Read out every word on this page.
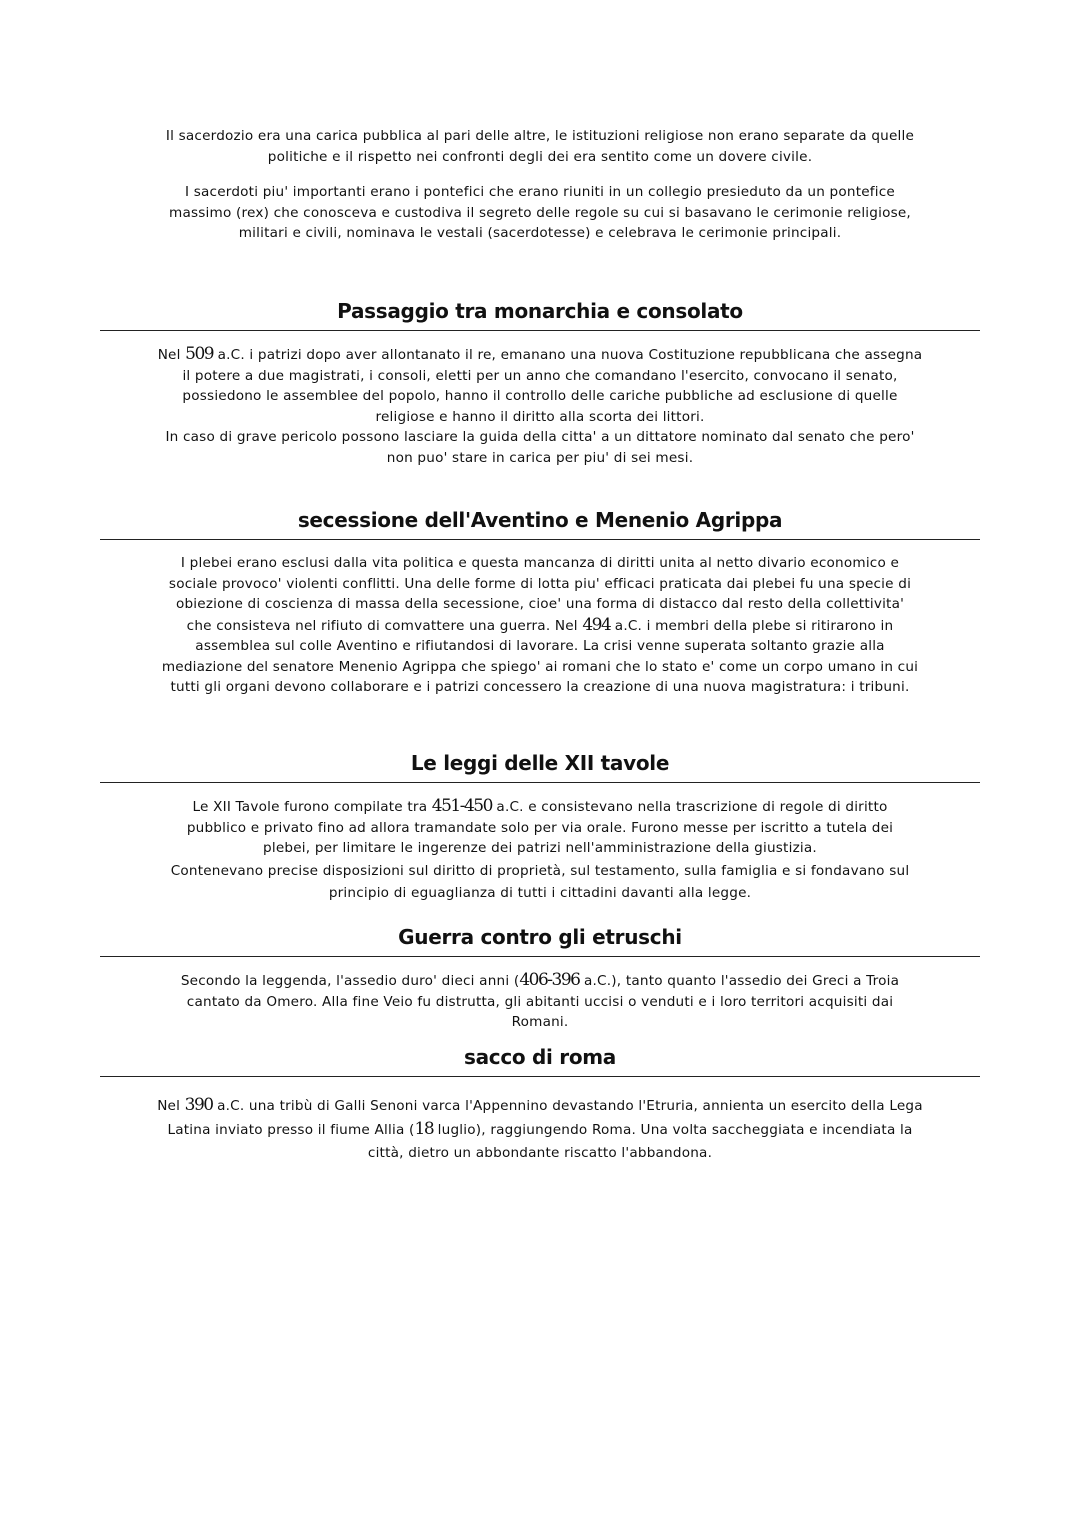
Il sacerdozio era una carica pubblica al pari delle altre, le istituzioni religiose non erano separate da quelle

politiche e il rispetto nei confronti degli dei era sentito come un dovere civile.

I sacerdoti piu' importanti erano i pontefici che erano riuniti in un collegio presieduto da un pontefice

massimo (rex) che conosceva e custodiva il segreto delle regole su cui si basavano le cerimonie religiose,

militari e civili, nominava le vestali (sacerdotesse) e celebrava le cerimonie principali.

Passaggio tra monarchia e consolato

Nel 509 a.C. i patrizi dopo aver allontanato il re, emanano una nuova Costituzione repubblicana che assegna

il potere a due magistrati, i consoli, eletti per un anno che comandano l'esercito, convocano il senato,

possiedono le assemblee del popolo, hanno il controllo delle cariche pubbliche ad esclusione di quelle

religiose e hanno il diritto alla scorta dei littori.

In caso di grave pericolo possono lasciare la guida della citta' a un dittatore nominato dal senato che pero'

non puo' stare in carica per piu' di sei mesi.

secessione dell'Aventino e Menenio Agrippa

I plebei erano esclusi dalla vita politica e questa mancanza di diritti unita al netto divario economico e

sociale provoco' violenti conflitti. Una delle forme di lotta piu' efficaci praticata dai plebei fu una specie di

obiezione di coscienza di massa della secessione, cioe' una forma di distacco dal resto della collettivita'

che consisteva nel rifiuto di comvattere una guerra. Nel 494 a.C. i membri della plebe si ritirarono in

assemblea sul colle Aventino e rifiutandosi di lavorare. La crisi venne superata soltanto grazie alla

mediazione del senatore Menenio Agrippa che spiego' ai romani che lo stato e' come un corpo umano in cui

tutti gli organi devono collaborare e i patrizi concessero la creazione di una nuova magistratura: i tribuni.

Le leggi delle XII tavole

Le XII Tavole furono compilate tra 451-450 a.C. e consistevano nella trascrizione di regole di diritto

pubblico e privato fino ad allora tramandate solo per via orale. Furono messe per iscritto a tutela dei

plebei, per limitare le ingerenze dei patrizi nell'amministrazione della giustizia.

Contenevano precise disposizioni sul diritto di proprietà, sul testamento, sulla famiglia e si fondavano sul

principio di eguaglianza di tutti i cittadini davanti alla legge.

Guerra contro gli etruschi

Secondo la leggenda, l'assedio duro' dieci anni (406-396 a.C.), tanto quanto l'assedio dei Greci a Troia

cantato da Omero. Alla fine Veio fu distrutta, gli abitanti uccisi o venduti e i loro territori acquisiti dai

Romani.

sacco di roma

Nel 390 a.C. una tribù di Galli Senoni varca l'Appennino devastando l'Etruria, annienta un esercito della Lega

Latina inviato presso il fiume Allia (18 luglio), raggiungendo Roma. Una volta saccheggiata e incendiata la

città, dietro un abbondante riscatto l'abbandona.
